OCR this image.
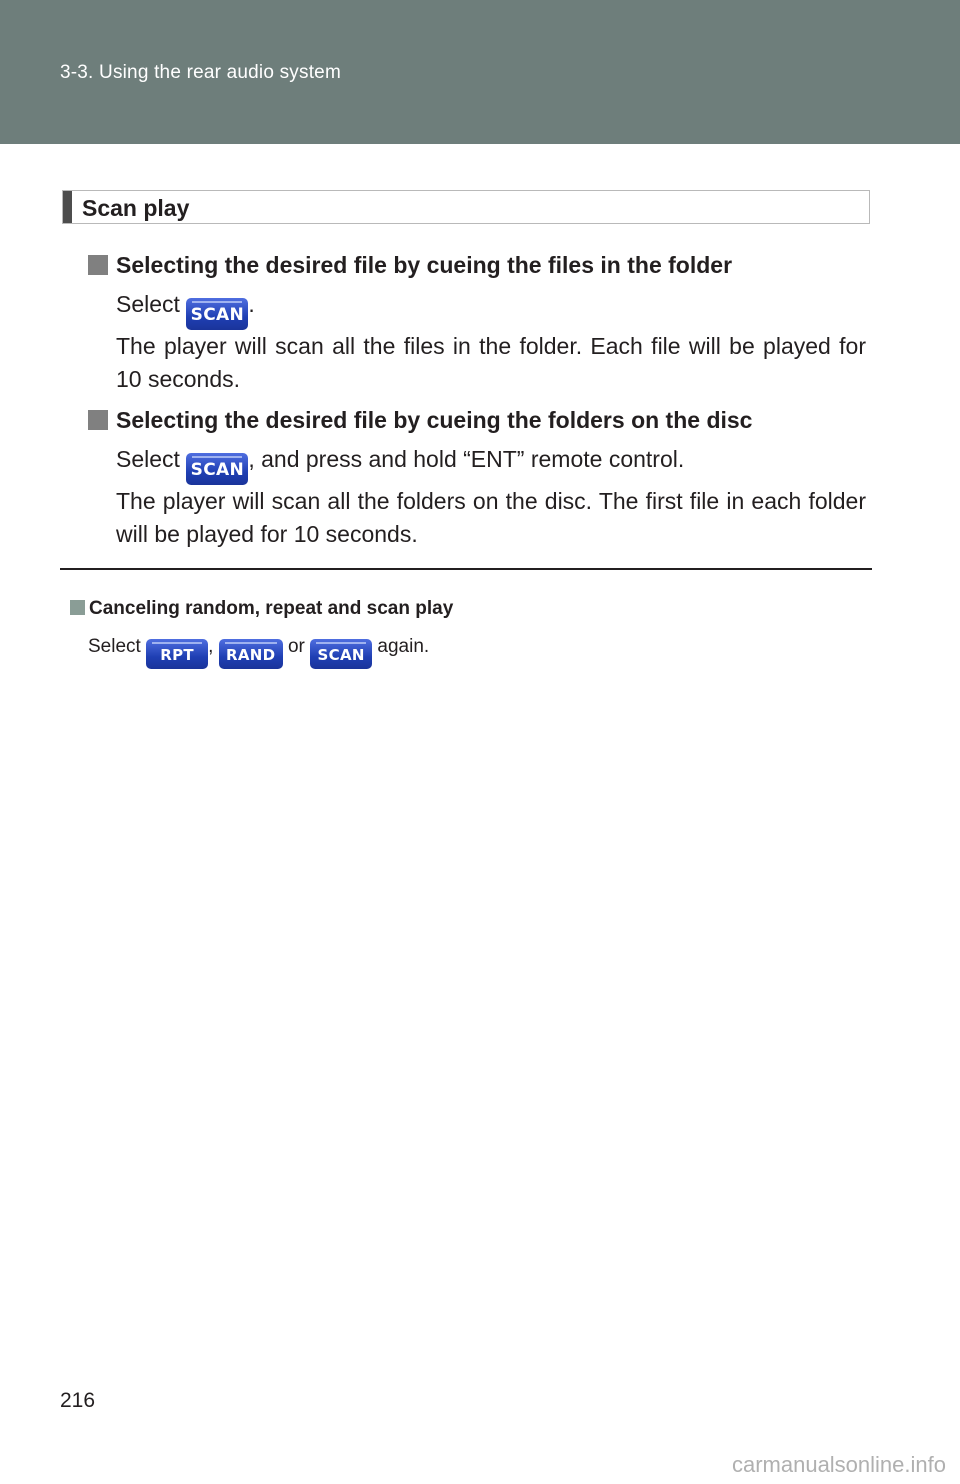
3-3. Using the rear audio system
Scan play
Selecting the desired file by cueing the files in the folder
Select SCAN .
The player will scan all the files in the folder. Each file will be played for 10 seconds.
Selecting the desired file by cueing the folders on the disc
Select SCAN , and press and hold “ENT” remote control.
The player will scan all the folders on the disc. The first file in each folder will be played for 10 seconds.
Canceling random, repeat and scan play
Select RPT , RAND or SCAN again.
216
carmanualsonline.info
